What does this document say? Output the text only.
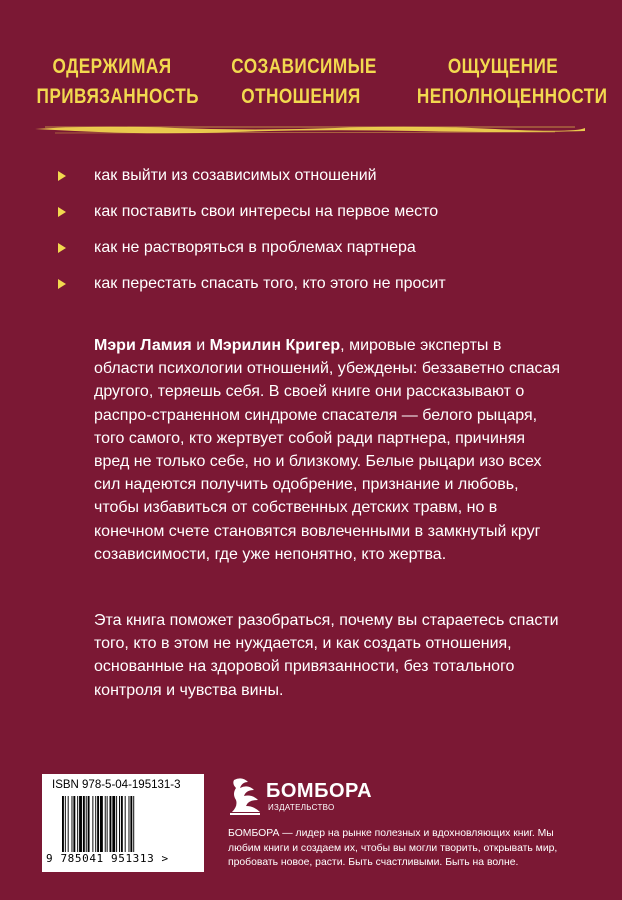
ОДЕРЖИМАЯ
ПРИВЯЗАННОСТЬ
СОЗАВИСИМЫЕ
ОТНОШЕНИЯ
ОЩУЩЕНИЕ
НЕПОЛНОЦЕННОСТИ
как выйти из созависимых отношений
как поставить свои интересы на первое место
как не растворяться в проблемах партнера
как перестать спасать того, кто этого не просит

Мэри Ламия и Мэрилин Кригер, мировые эксперты в области психологии отношений, убеждены: беззаветно спасая другого, теряешь себя. В своей книге они рассказывают о распро-страненном синдроме спасателя — белого рыцаря, того самого, кто жертвует собой ради партнера, причиняя вред не только себе, но и близкому. Белые рыцари изо всех сил надеются получить одобрение, признание и любовь, чтобы избавиться от собственных детских травм, но в конечном счете становятся вовлеченными в замкнутый круг созависимости, где уже непонятно, кто жертва.

Эта книга поможет разобраться, почему вы стараетесь спасти того, кто в этом не нуждается, и как создать отношения, основанные на здоровой привязанности, без тотального контроля и чувства вины.

ISBN 978-5-04-195131-3
9 785041 951313 >
БОМБОРА
ИЗДАТЕЛЬСТВО

БОМБОРА — лидер на рынке полезных и вдохновляющих книг. Мы любим книги и создаем их, чтобы вы могли творить, открывать мир, пробовать новое, расти. Быть счастливыми. Быть на волне.
